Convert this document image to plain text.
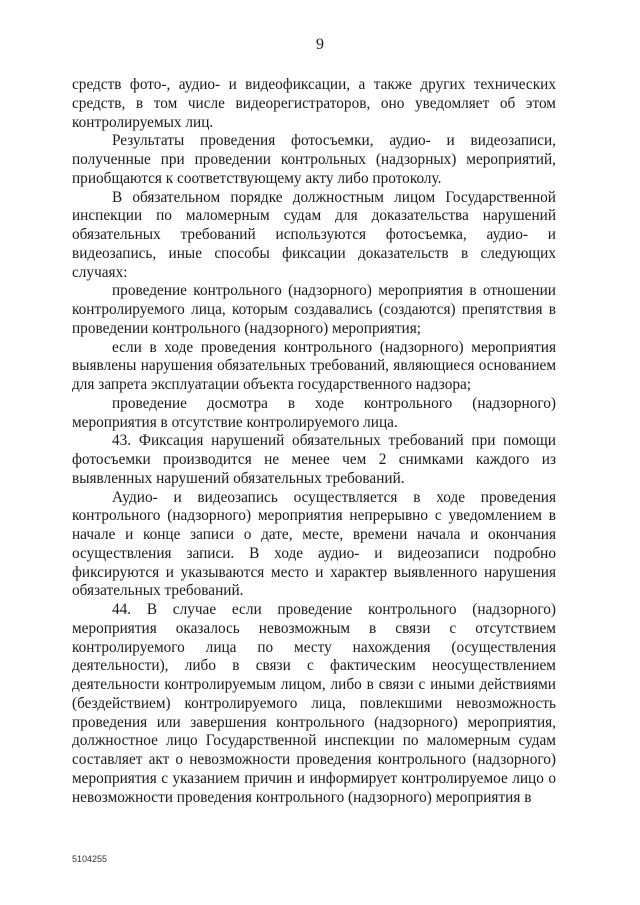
9

средств фото-, аудио- и видеофиксации, а также других технических средств, в том числе видеорегистраторов, оно уведомляет об этом контролируемых лиц.

Результаты проведения фотосъемки, аудио- и видеозаписи, полученные при проведении контрольных (надзорных) мероприятий, приобщаются к соответствующему акту либо протоколу.

В обязательном порядке должностным лицом Государственной инспекции по маломерным судам для доказательства нарушений обязательных требований используются фотосъемка, аудио- и видеозапись, иные способы фиксации доказательств в следующих случаях:

проведение контрольного (надзорного) мероприятия в отношении контролируемого лица, которым создавались (создаются) препятствия в проведении контрольного (надзорного) мероприятия;

если в ходе проведения контрольного (надзорного) мероприятия выявлены нарушения обязательных требований, являющиеся основанием для запрета эксплуатации объекта государственного надзора;

проведение досмотра в ходе контрольного (надзорного) мероприятия в отсутствие контролируемого лица.

43. Фиксация нарушений обязательных требований при помощи фотосъемки производится не менее чем 2 снимками каждого из выявленных нарушений обязательных требований.

Аудио- и видеозапись осуществляется в ходе проведения контрольного (надзорного) мероприятия непрерывно с уведомлением в начале и конце записи о дате, месте, времени начала и окончания осуществления записи. В ходе аудио- и видеозаписи подробно фиксируются и указываются место и характер выявленного нарушения обязательных требований.

44. В случае если проведение контрольного (надзорного) мероприятия оказалось невозможным в связи с отсутствием контролируемого лица по месту нахождения (осуществления деятельности), либо в связи с фактическим неосуществлением деятельности контролируемым лицом, либо в связи с иными действиями (бездействием) контролируемого лица, повлекшими невозможность проведения или завершения контрольного (надзорного) мероприятия, должностное лицо Государственной инспекции по маломерным судам составляет акт о невозможности проведения контрольного (надзорного) мероприятия с указанием причин и информирует контролируемое лицо о невозможности проведения контрольного (надзорного) мероприятия в

5104255
